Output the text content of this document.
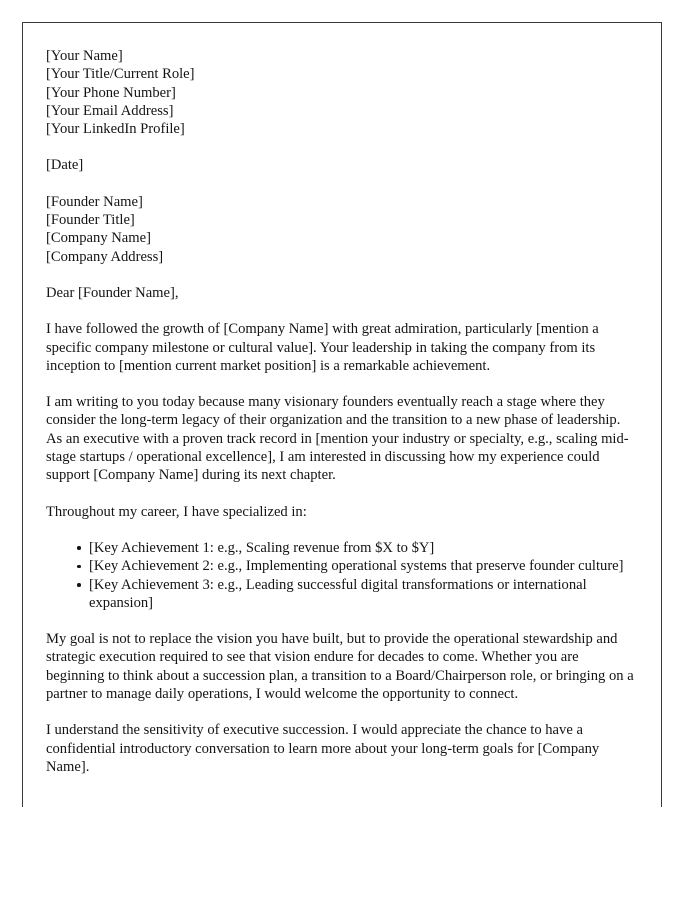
[Your Name]
[Your Title/Current Role]
[Your Phone Number]
[Your Email Address]
[Your LinkedIn Profile]
[Date]
[Founder Name]
[Founder Title]
[Company Name]
[Company Address]
Dear [Founder Name],

I have followed the growth of [Company Name] with great admiration, particularly [mention a specific company milestone or cultural value]. Your leadership in taking the company from its inception to [mention current market position] is a remarkable achievement.

I am writing to you today because many visionary founders eventually reach a stage where they consider the long-term legacy of their organization and the transition to a new phase of leadership. As an executive with a proven track record in [mention your industry or specialty, e.g., scaling mid-stage startups / operational excellence], I am interested in discussing how my experience could support [Company Name] during its next chapter.

Throughout my career, I have specialized in:

[Key Achievement 1: e.g., Scaling revenue from $X to $Y]
[Key Achievement 2: e.g., Implementing operational systems that preserve founder culture]
[Key Achievement 3: e.g., Leading successful digital transformations or international expansion]

My goal is not to replace the vision you have built, but to provide the operational stewardship and strategic execution required to see that vision endure for decades to come. Whether you are beginning to think about a succession plan, a transition to a Board/Chairperson role, or bringing on a partner to manage daily operations, I would welcome the opportunity to connect.

I understand the sensitivity of executive succession. I would appreciate the chance to have a confidential introductory conversation to learn more about your long-term goals for [Company Name].
